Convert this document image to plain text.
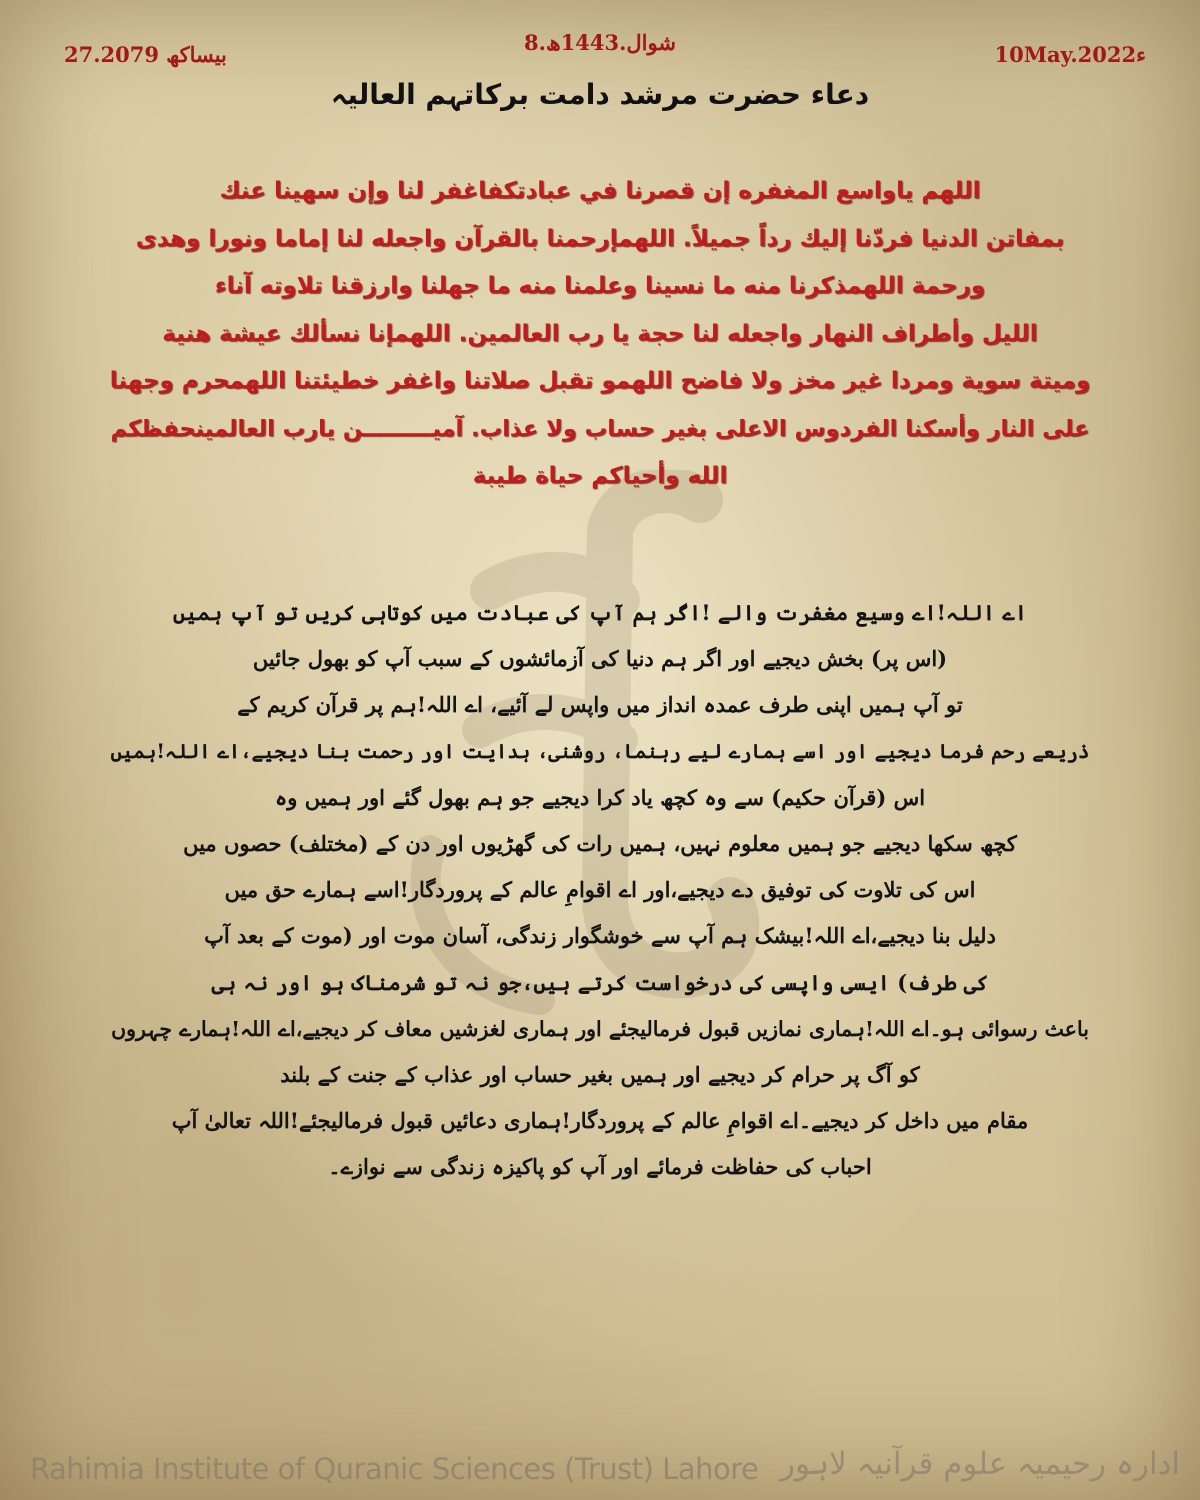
8.شوال.1443ھ
27.بیساکھ 2079	10May.2022ء
دعاء حضرت مرشد دامت برکاتہم العالیہ
اللهم ياواسع المغفره إن قصرنا في عبادتكفاغفر لنا وإن سهينا عنك
بمفاتن الدنيا فردّنا إليك رداً جميلاً. اللهمإرحمنا بالقرآن واجعله لنا إماما ونورا وهدى
ورحمة اللهمذكرنا منه ما نسينا وعلمنا منه ما جهلنا وارزقنا تلاوته آناء
الليل وأطراف النهار واجعله لنا حجة يا رب العالمين. اللهمإنا نسألك عيشة هنية
وميتة سوية ومردا غير مخز ولا فاضح اللهمو تقبل صلاتنا واغفر خطيئتنا اللهمحرم وجهنا
على النار وأسكنا الفردوس الاعلى بغير حساب ولا عذاب. آميـــــــــن يارب العالمينحفظكم
الله وأحياكم حياة طيبة
اے اللہ!اے وسیع مغفرت والے !اگر ہم آپ کی عبادت میں کوتاہی کریں تو آپ ہمیں
(اس پر) بخش دیجیے اور اگر ہم دنیا کی آزمائشوں کے سبب آپ کو بھول جائیں
تو آپ ہمیں اپنی طرف عمدہ انداز میں واپس لے آئیے، اے اللہ!ہم پر قرآن کریم کے
ذریعے رحم فرما دیجیے اور اسے ہمارے لیے رہنما، روشنی، ہدایت اور رحمت بنا دیجیے،اے اللہ!ہمیں
اس (قرآن حکیم) سے وہ کچھ یاد کرا دیجیے جو ہم بھول گئے اور ہمیں وہ
کچھ سکھا دیجیے جو ہمیں معلوم نہیں، ہمیں رات کی گھڑیوں اور دن کے (مختلف) حصوں میں
اس کی تلاوت کی توفیق دے دیجیے،اور اے اقوامِ عالم کے پروردگار!اسے ہمارے حق میں
دلیل بنا دیجیے،اے اللہ!بیشک ہم آپ سے خوشگوار زندگی، آسان موت اور (موت کے بعد آپ
کی طرف) ایسی واپسی کی درخواست کرتے ہیں،جو نہ تو شرمناک ہو اور نہ ہی
باعث رسوائی ہو۔اے اللہ!ہماری نمازیں قبول فرمالیجئے اور ہماری لغزشیں معاف کر دیجیے،اے اللہ!ہمارے چہروں
کو آگ پر حرام کر دیجیے اور ہمیں بغیر حساب اور عذاب کے جنت کے بلند
مقام میں داخل کر دیجیے۔اے اقوامِ عالم کے پروردگار!ہماری دعائیں قبول فرمالیجئے!اللہ تعالیٰ آپ
احباب کی حفاظت فرمائے اور آپ کو پاکیزہ زندگی سے نوازے۔
Rahimia Institute of Quranic Sciences (Trust) Lahore ادارہ رحیمیہ علوم قرآنیہ لاہور
